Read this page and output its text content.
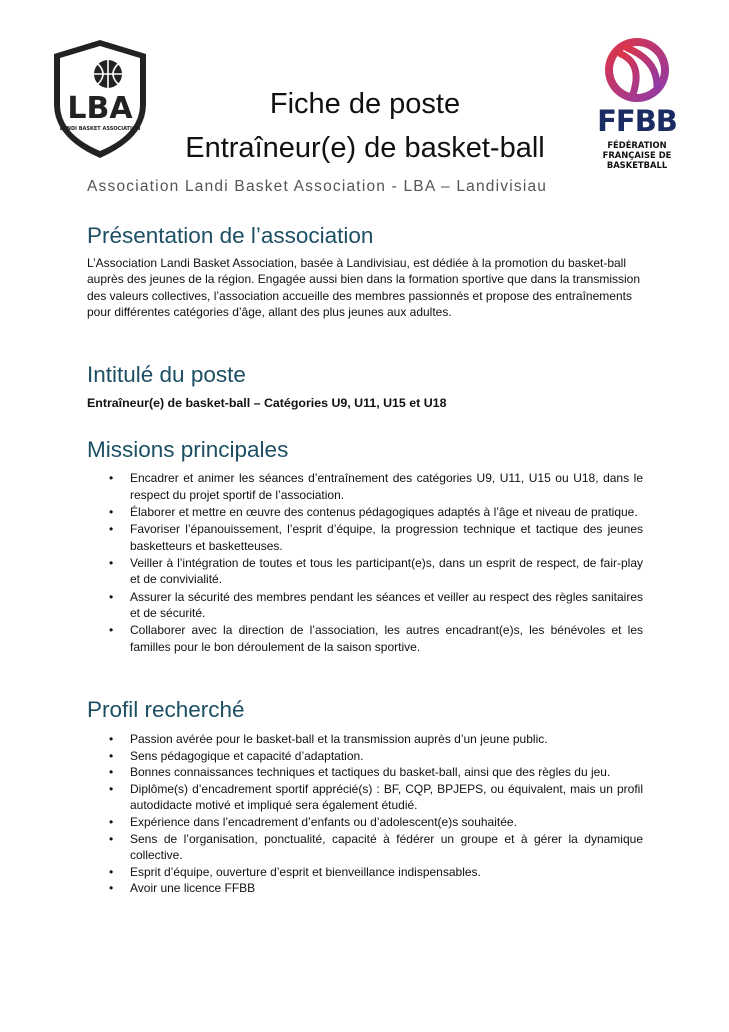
LBA
LANDI BASKET ASSOCIATION
Fiche de poste
Entraîneur(e) de basket-ball
Association Landi Basket Association - LBA – Landivisiau
FFBB
FÉDÉRATION
FRANÇAISE DE
BASKETBALL
Présentation de l’association
L’Association Landi Basket Association, basée à Landivisiau, est dédiée à la promotion du basket-ball auprès des jeunes de la région. Engagée aussi bien dans la formation sportive que dans la transmission des valeurs collectives, l’association accueille des membres passionnés et propose des entraînements pour différentes catégories d’âge, allant des plus jeunes aux adultes.
Intitulé du poste
Entraîneur(e) de basket-ball – Catégories U9, U11, U15 et U18
Missions principales
• Encadrer et animer les séances d’entraînement des catégories U9, U11, U15 ou U18, dans le respect du projet sportif de l’association.
• Élaborer et mettre en œuvre des contenus pédagogiques adaptés à l’âge et niveau de pratique.
• Favoriser l’épanouissement, l’esprit d’équipe, la progression technique et tactique des jeunes basketteurs et basketteuses.
• Veiller à l’intégration de toutes et tous les participant(e)s, dans un esprit de respect, de fair-play et de convivialité.
• Assurer la sécurité des membres pendant les séances et veiller au respect des règles sanitaires et de sécurité.
• Collaborer avec la direction de l’association, les autres encadrant(e)s, les bénévoles et les familles pour le bon déroulement de la saison sportive.
Profil recherché
• Passion avérée pour le basket-ball et la transmission auprès d’un jeune public.
• Sens pédagogique et capacité d’adaptation.
• Bonnes connaissances techniques et tactiques du basket-ball, ainsi que des règles du jeu.
• Diplôme(s) d’encadrement sportif apprécié(s) : BF, CQP, BPJEPS, ou équivalent, mais un profil autodidacte motivé et impliqué sera également étudié.
• Expérience dans l’encadrement d’enfants ou d’adolescent(e)s souhaitée.
• Sens de l’organisation, ponctualité, capacité à fédérer un groupe et à gérer la dynamique collective.
• Esprit d’équipe, ouverture d’esprit et bienveillance indispensables.
• Avoir une licence FFBB
